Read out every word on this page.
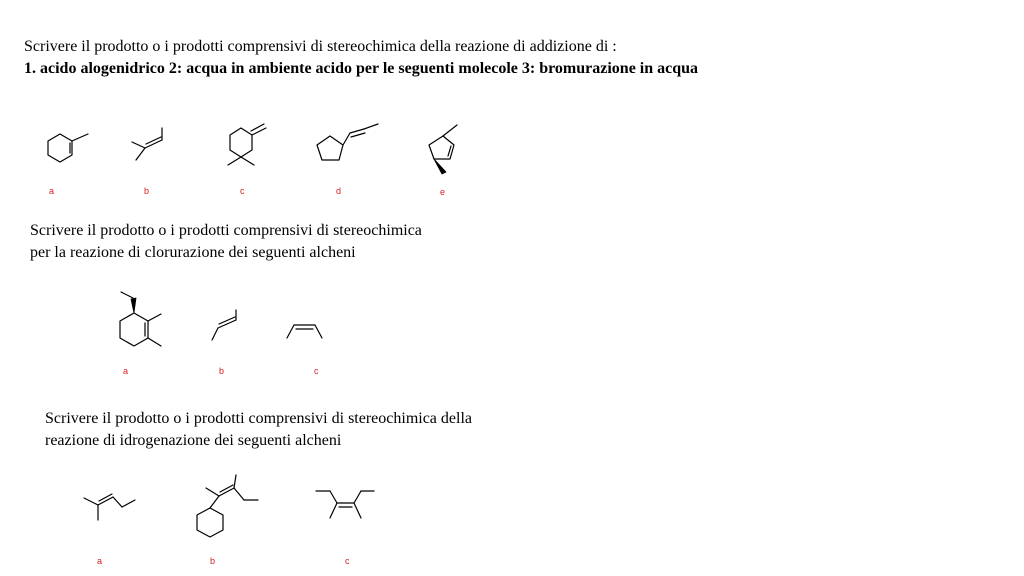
Scrivere il prodotto o i prodotti comprensivi di stereochimica della reazione di addizione di :
1. acido alogenidrico 2: acqua in ambiente acido per le seguenti molecole 3: bromurazione in acqua
a	b	c	d	e
Scrivere il prodotto o i prodotti comprensivi di stereochimica
per la reazione di clorurazione dei seguenti alcheni
a	b	c
Scrivere il prodotto o i prodotti comprensivi di stereochimica della
reazione di idrogenazione dei seguenti alcheni
a	b	c
